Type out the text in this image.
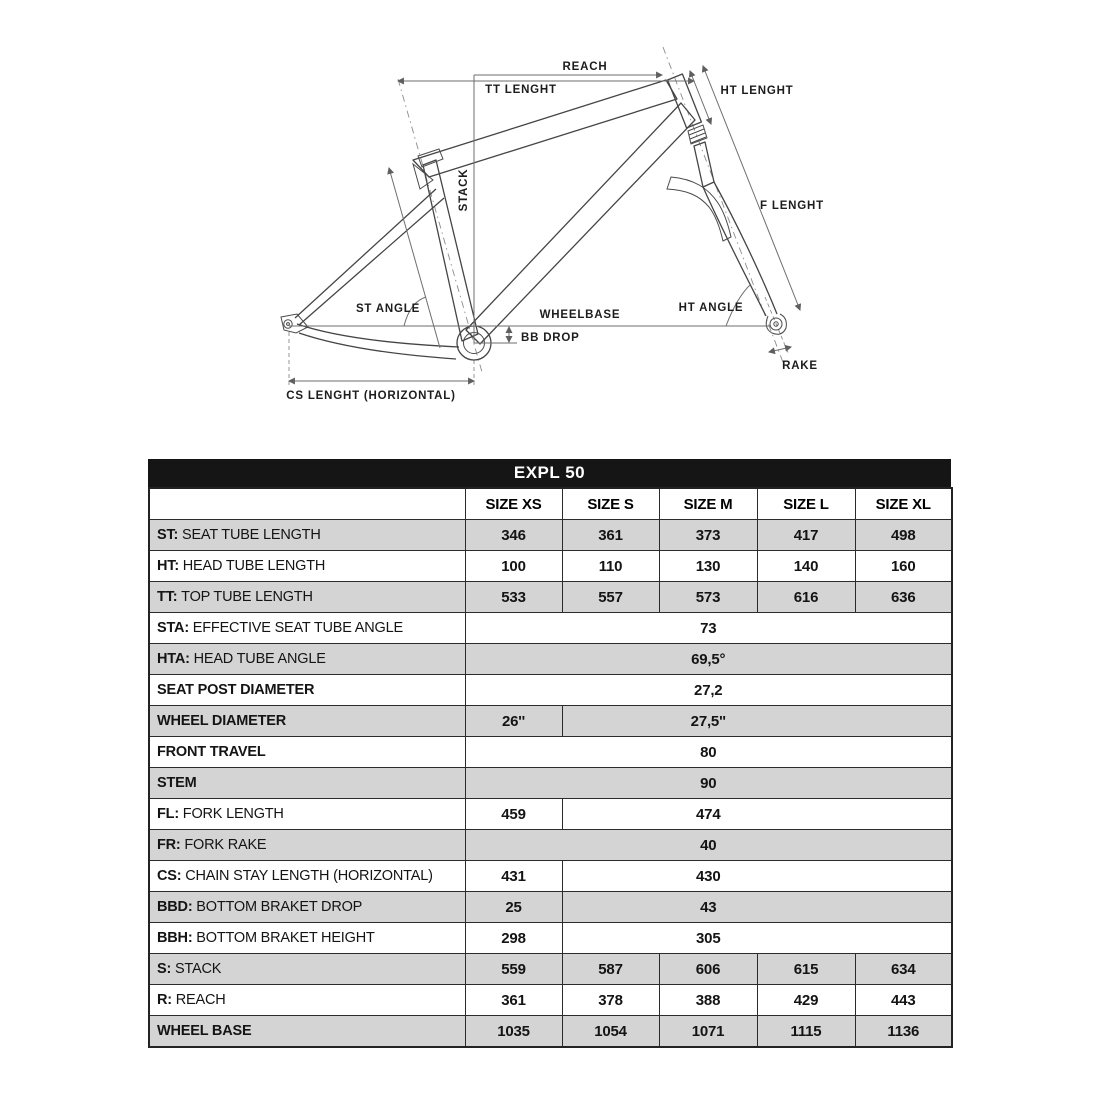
REACH
TT LENGHT	HT LENGHT
STACK	F LENGHT
ST ANGLE	WHEELBASE
BB DROP
HT ANGLE
RAKE
CS LENGHT (HORIZONTAL)
EXPL 50
	SIZE XS	SIZE S	SIZE M	SIZE L	SIZE XL
ST: SEAT TUBE LENGTH	346	361	373	417	498
HT: HEAD TUBE LENGTH	100	110	130	140	160
TT: TOP TUBE LENGTH	533	557	573	616	636
STA: EFFECTIVE SEAT TUBE ANGLE	73				
HTA: HEAD TUBE ANGLE	69,5°				
SEAT POST DIAMETER	27,2				
WHEEL DIAMETER	26''	27,5''			
FRONT TRAVEL	80				
STEM	90				
FL: FORK LENGTH	459	474			
FR: FORK RAKE	40				
CS: CHAIN STAY LENGTH (HORIZONTAL)	431	430			
BBD: BOTTOM BRAKET DROP	25	43			
BBH: BOTTOM BRAKET HEIGHT	298	305			
S: STACK	559	587	606	615	634
R: REACH	361	378	388	429	443
WHEEL BASE	1035	1054	1071	1115	1136
